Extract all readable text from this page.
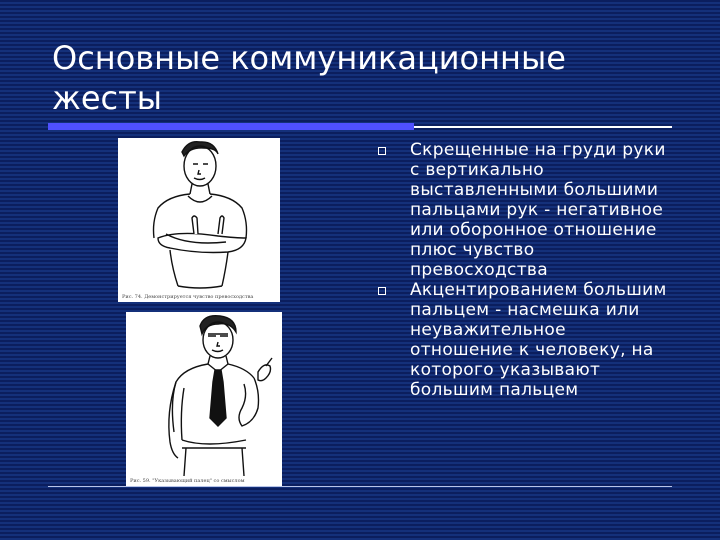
Основные коммуникационные жесты
Рис. 74. Демонстрируется чувство превосходства
Рис. 59. "Указывающий палец" со смыслом
Скрещенные на груди руки с вертикально выставленными большими пальцами рук - негативное или оборонное отношение плюс чувство превосходства
Акцентированием большим пальцем - насмешка или неуважительное отношение к человеку, на которого указывают большим пальцем
